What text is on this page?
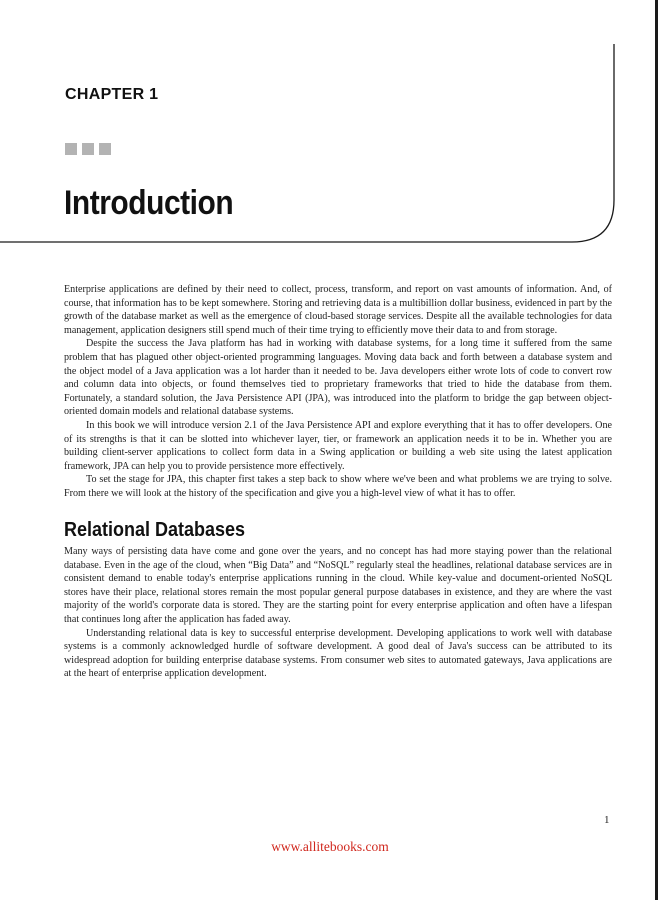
CHAPTER 1
Introduction

Enterprise applications are defined by their need to collect, process, transform, and report on vast amounts of information. And, of course, that information has to be kept somewhere. Storing and retrieving data is a multibillion dollar business, evidenced in part by the growth of the database market as well as the emergence of cloud-based storage services. Despite all the available technologies for data management, application designers still spend much of their time trying to efficiently move their data to and from storage.

Despite the success the Java platform has had in working with database systems, for a long time it suffered from the same problem that has plagued other object-oriented programming languages. Moving data back and forth between a database system and the object model of a Java application was a lot harder than it needed to be. Java developers either wrote lots of code to convert row and column data into objects, or found themselves tied to proprietary frameworks that tried to hide the database from them. Fortunately, a standard solution, the Java Persistence API (JPA), was introduced into the platform to bridge the gap between object-oriented domain models and relational database systems.

In this book we will introduce version 2.1 of the Java Persistence API and explore everything that it has to offer developers. One of its strengths is that it can be slotted into whichever layer, tier, or framework an application needs it to be in. Whether you are building client-server applications to collect form data in a Swing application or building a web site using the latest application framework, JPA can help you to provide persistence more effectively.

To set the stage for JPA, this chapter first takes a step back to show where we've been and what problems we are trying to solve. From there we will look at the history of the specification and give you a high-level view of what it has to offer.

Relational Databases

Many ways of persisting data have come and gone over the years, and no concept has had more staying power than the relational database. Even in the age of the cloud, when “Big Data” and “NoSQL” regularly steal the headlines, relational database services are in consistent demand to enable today's enterprise applications running in the cloud. While key-value and document-oriented NoSQL stores have their place, relational stores remain the most popular general purpose databases in existence, and they are where the vast majority of the world's corporate data is stored. They are the starting point for every enterprise application and often have a lifespan that continues long after the application has faded away.

Understanding relational data is key to successful enterprise development. Developing applications to work well with database systems is a commonly acknowledged hurdle of software development. A good deal of Java's success can be attributed to its widespread adoption for building enterprise database systems. From consumer web sites to automated gateways, Java applications are at the heart of enterprise application development.

1
www.allitebooks.com
